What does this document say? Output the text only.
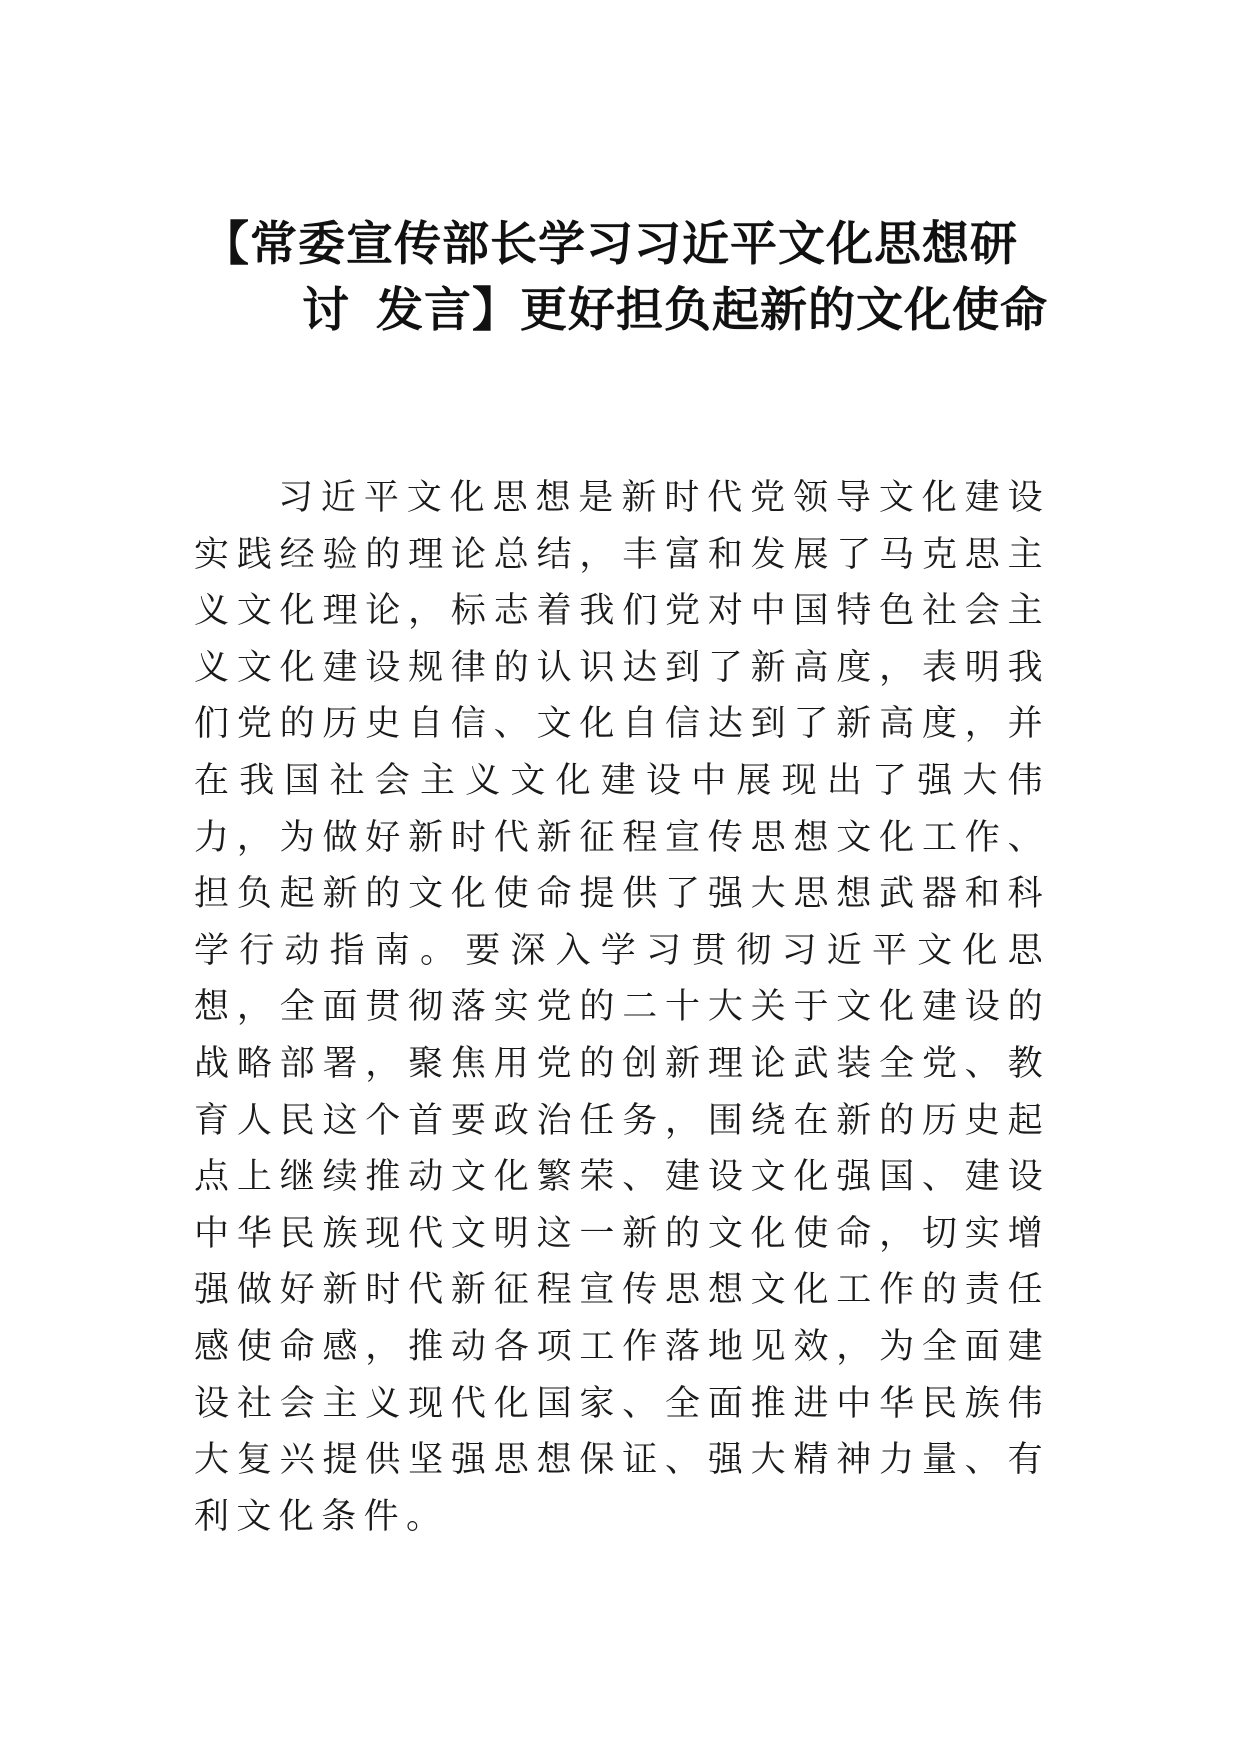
【常委宣传部长学习习近平文化思想研
讨 发言】更好担负起新的文化使命

习近平文化思想是新时代党领导文化建设实践经验的理论总结，丰富和发展了马克思主义文化理论，标志着我们党对中国特色社会主义文化建设规律的认识达到了新高度，表明我们党的历史自信、文化自信达到了新高度，并在我国社会主义文化建设中展现出了强大伟力，为做好新时代新征程宣传思想文化工作、担负起新的文化使命提供了强大思想武器和科学行动指南。要深入学习贯彻习近平文化思想，全面贯彻落实党的二十大关于文化建设的战略部署，聚焦用党的创新理论武装全党、教育人民这个首要政治任务，围绕在新的历史起点上继续推动文化繁荣、建设文化强国、建设中华民族现代文明这一新的文化使命，切实增强做好新时代新征程宣传思想文化工作的责任感使命感，推动各项工作落地见效，为全面建设社会主义现代化国家、全面推进中华民族伟大复兴提供坚强思想保证、强大精神力量、有利文化条件。
